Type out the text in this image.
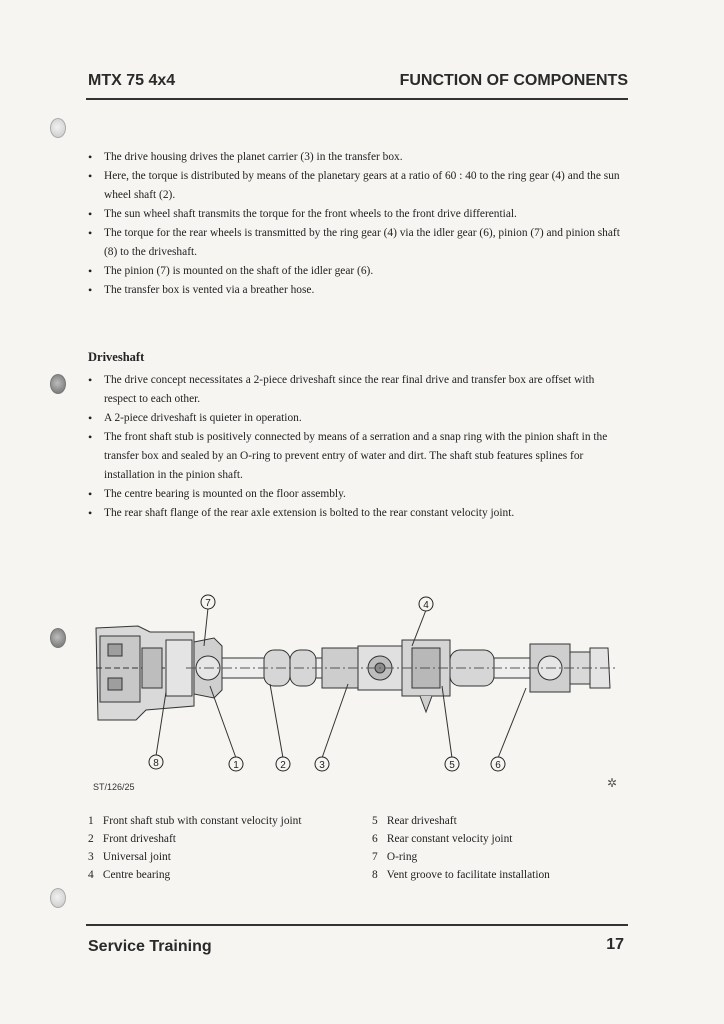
MTX 75 4x4	FUNCTION OF COMPONENTS
• The drive housing drives the planet carrier (3) in the transfer box.
• Here, the torque is distributed by means of the planetary gears at a ratio of 60 : 40 to the ring gear (4) and the sun wheel shaft (2).
• The sun wheel shaft transmits the torque for the front wheels to the front drive differential.
• The torque for the rear wheels is transmitted by the ring gear (4) via the idler gear (6), pinion (7) and pinion shaft (8) to the driveshaft.
• The pinion (7) is mounted on the shaft of the idler gear (6).
• The transfer box is vented via a breather hose.
Driveshaft
• The drive concept necessitates a 2-piece driveshaft since the rear final drive and transfer box are offset with respect to each other.
• A 2-piece driveshaft is quieter in operation.
• The front shaft stub is positively connected by means of a serration and a snap ring with the pinion shaft in the transfer box and sealed by an O-ring to prevent entry of water and dirt. The shaft stub features splines for installation in the pinion shaft.
• The centre bearing is mounted on the floor assembly.
• The rear shaft flange of the rear axle extension is bolted to the rear constant velocity joint.
7	4
8	1	2	3	5	6
ST/126/25	✲
1 Front shaft stub with constant velocity joint
2 Front driveshaft
3 Universal joint
4 Centre bearing
5 Rear driveshaft
6 Rear constant velocity joint
7 O-ring
8 Vent groove to facilitate installation
Service Training	17
